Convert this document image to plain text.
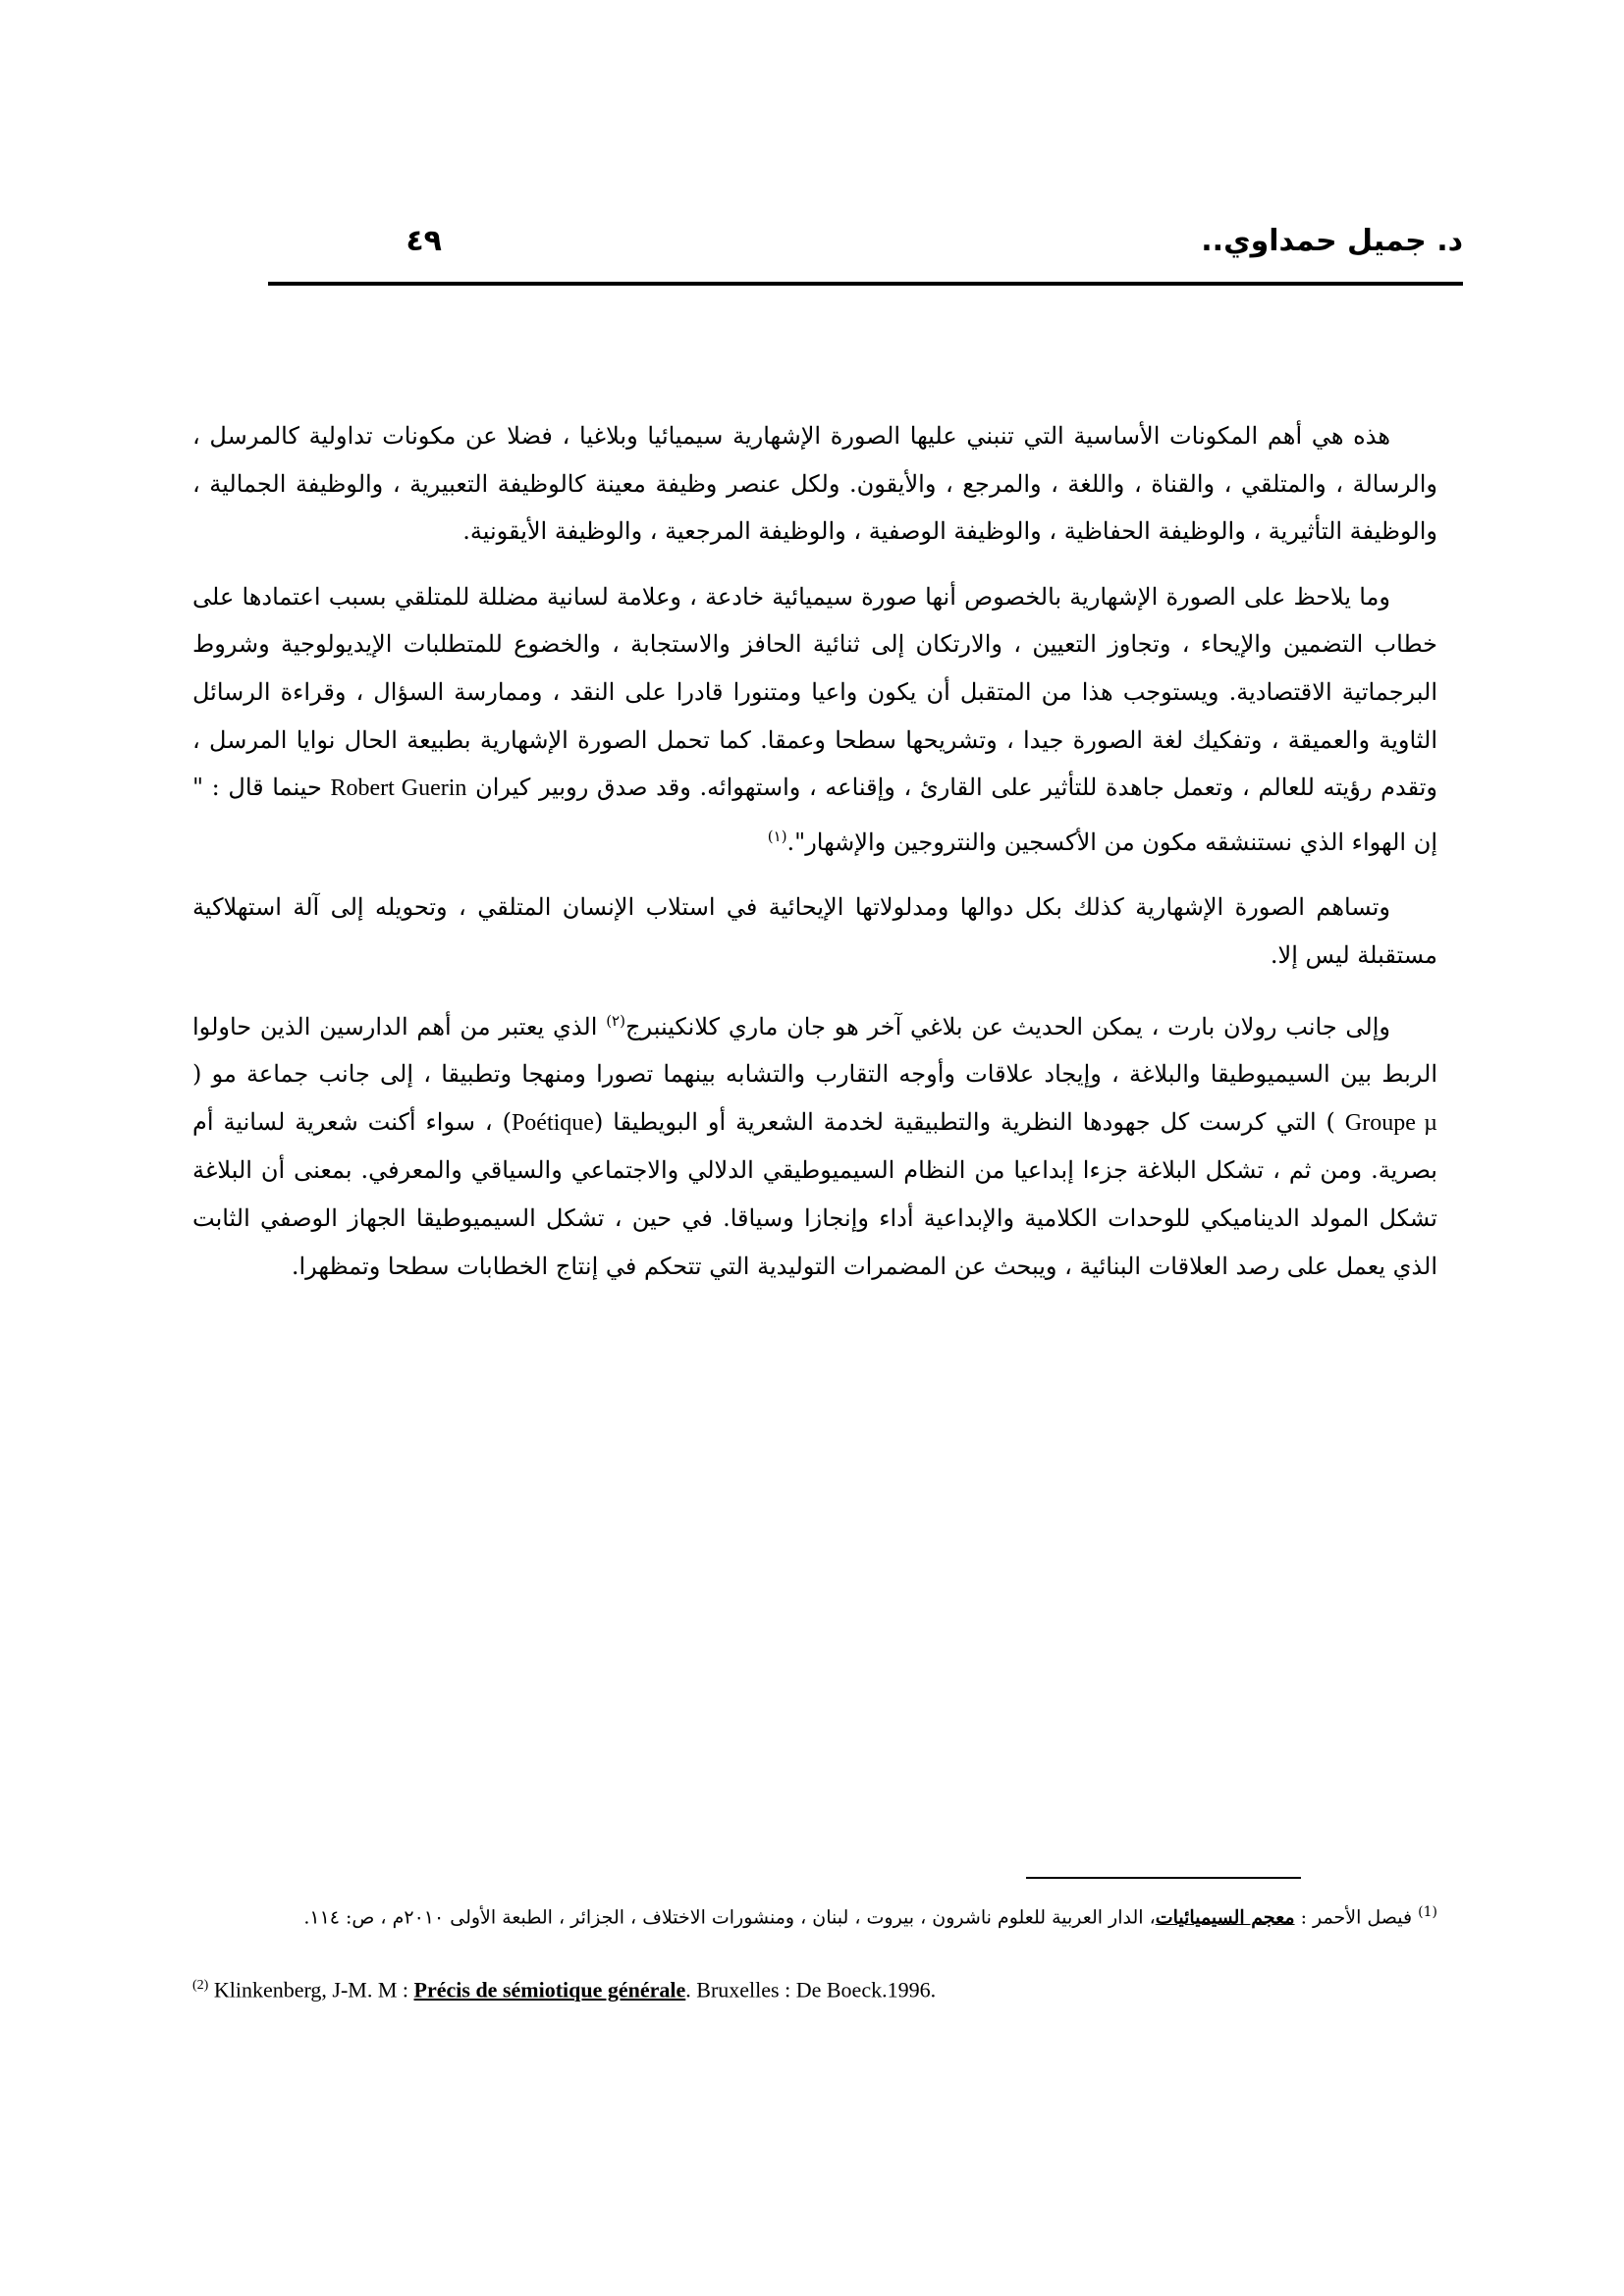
د. جميل حمداوي..
٤٩

هذه هي أهم المكونات الأساسية التي تنبني عليها الصورة الإشهارية سيميائيا وبلاغيا ، فضلا عن مكونات تداولية كالمرسل ، والرسالة ، والمتلقي ، والقناة ، واللغة ، والمرجع ، والأيقون. ولكل عنصر وظيفة معينة كالوظيفة التعبيرية ، والوظيفة الجمالية ، والوظيفة التأثيرية ، والوظيفة الحفاظية ، والوظيفة الوصفية ، والوظيفة المرجعية ، والوظيفة الأيقونية.

وما يلاحظ على الصورة الإشهارية بالخصوص أنها صورة سيميائية خادعة ، وعلامة لسانية مضللة للمتلقي بسبب اعتمادها على خطاب التضمين والإيحاء ، وتجاوز التعيين ، والارتكان إلى ثنائية الحافز والاستجابة ، والخضوع للمتطلبات الإيديولوجية وشروط البرجماتية الاقتصادية. ويستوجب هذا من المتقبل أن يكون واعيا ومتنورا قادرا على النقد ، وممارسة السؤال ، وقراءة الرسائل الثاوية والعميقة ، وتفكيك لغة الصورة جيدا ، وتشريحها سطحا وعمقا. كما تحمل الصورة الإشهارية بطبيعة الحال نوايا المرسل ، وتقدم رؤيته للعالم ، وتعمل جاهدة للتأثير على القارئ ، وإقناعه ، واستهوائه. وقد صدق روبير كيران Robert Guerin حينما قال : " إن الهواء الذي نستنشقه مكون من الأكسجين والنتروجين والإشهار".$^{(١)}$

وتساهم الصورة الإشهارية كذلك بكل دوالها ومدلولاتها الإيحائية في استلاب الإنسان المتلقي ، وتحويله إلى آلة استهلاكية مستقبلة ليس إلا.

وإلى جانب رولان بارت ، يمكن الحديث عن بلاغي آخر هو جان ماري كلانكينبرج$^{(٢)}$ الذي يعتبر من أهم الدارسين الذين حاولوا الربط بين السيميوطيقا والبلاغة ، وإيجاد علاقات وأوجه التقارب والتشابه بينهما تصورا ومنهجا وتطبيقا ، إلى جانب جماعة مو ( Groupe µ ) التي كرست كل جهودها النظرية والتطبيقية لخدمة الشعرية أو البويطيقا (Poétique) ، سواء أكنت شعرية لسانية أم بصرية. ومن ثم ، تشكل البلاغة جزءا إبداعيا من النظام السيميوطيقي الدلالي والاجتماعي والسياقي والمعرفي. بمعنى أن البلاغة تشكل المولد الديناميكي للوحدات الكلامية والإبداعية أداء وإنجازا وسياقا. في حين ، تشكل السيميوطيقا الجهاز الوصفي الثابت الذي يعمل على رصد العلاقات البنائية ، ويبحث عن المضمرات التوليدية التي تتحكم في إنتاج الخطابات سطحا وتمظهرا.

$^{(1)}$ فيصل الأحمر : معجم السيميائيات، الدار العربية للعلوم ناشرون ، بيروت ، لبنان ، ومنشورات الاختلاف ، الجزائر ، الطبعة الأولى ٢٠١٠م ، ص: ١١٤.

$^{(2)}$ Klinkenberg, J-M. M : Précis de sémiotique générale. Bruxelles : De Boeck.1996.
